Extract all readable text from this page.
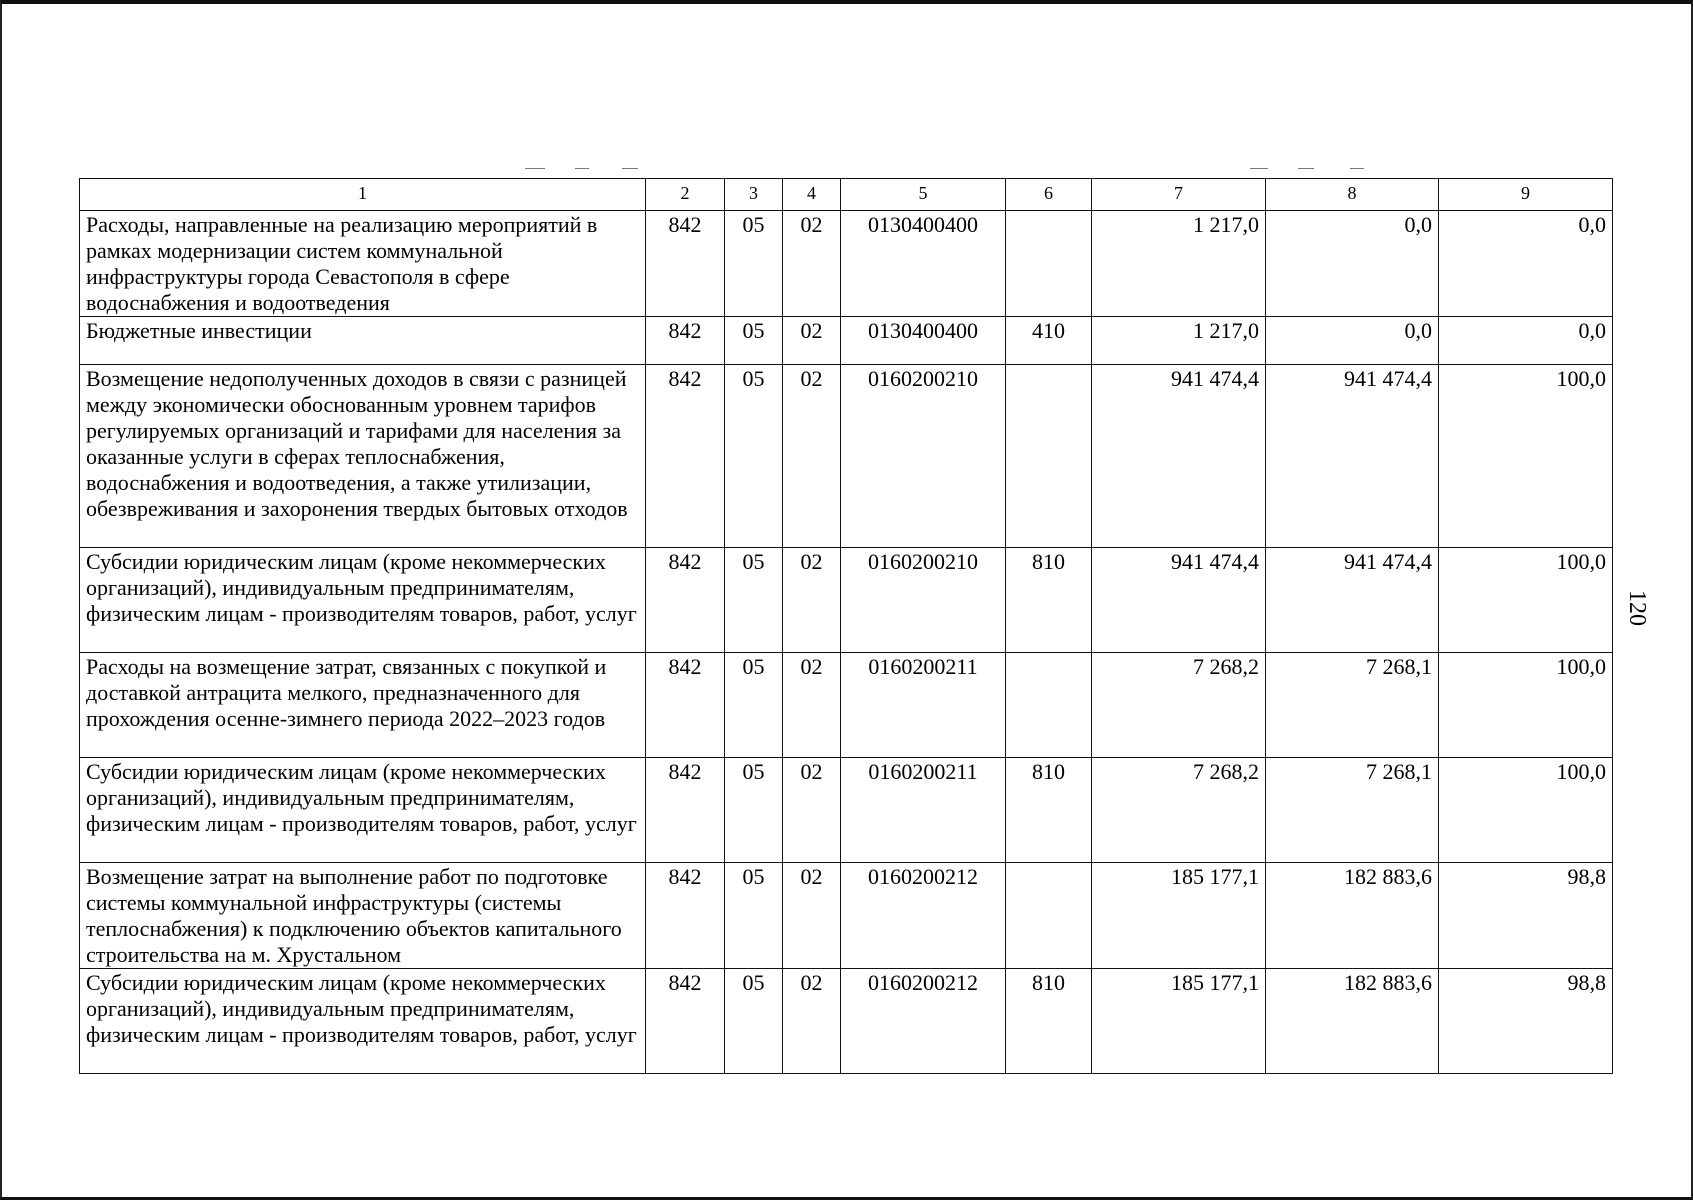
1	2	3	4	5	6	7	8	9
Расходы, направленные на реализацию мероприятий в рамках модернизации систем коммунальной инфраструктуры города Севастополя в сфере водоснабжения и водоотведения	842	05	02	0130400400		1 217,0	0,0	0,0
Бюджетные инвестиции	842	05	02	0130400400	410	1 217,0	0,0	0,0
Возмещение недополученных доходов в связи с разницей между экономически обоснованным уровнем тарифов регулируемых организаций и тарифами для населения за оказанные услуги в сферах теплоснабжения, водоснабжения и водоотведения, а также утилизации, обезвреживания и захоронения твердых бытовых отходов	842	05	02	0160200210		941 474,4	941 474,4	100,0
Субсидии юридическим лицам (кроме некоммерческих организаций), индивидуальным предпринимателям, физическим лицам - производителям товаров, работ, услуг	842	05	02	0160200210	810	941 474,4	941 474,4	100,0
Расходы на возмещение затрат, связанных с покупкой и доставкой антрацита мелкого, предназначенного для прохождения осенне-зимнего периода 2022–2023 годов	842	05	02	0160200211		7 268,2	7 268,1	100,0
Субсидии юридическим лицам (кроме некоммерческих организаций), индивидуальным предпринимателям, физическим лицам - производителям товаров, работ, услуг	842	05	02	0160200211	810	7 268,2	7 268,1	100,0
Возмещение затрат на выполнение работ по подготовке системы коммунальной инфраструктуры (системы теплоснабжения) к подключению объектов капитального строительства на м. Хрустальном	842	05	02	0160200212		185 177,1	182 883,6	98,8
Субсидии юридическим лицам (кроме некоммерческих организаций), индивидуальным предпринимателям, физическим лицам - производителям товаров, работ, услуг	842	05	02	0160200212	810	185 177,1	182 883,6	98,8
120
